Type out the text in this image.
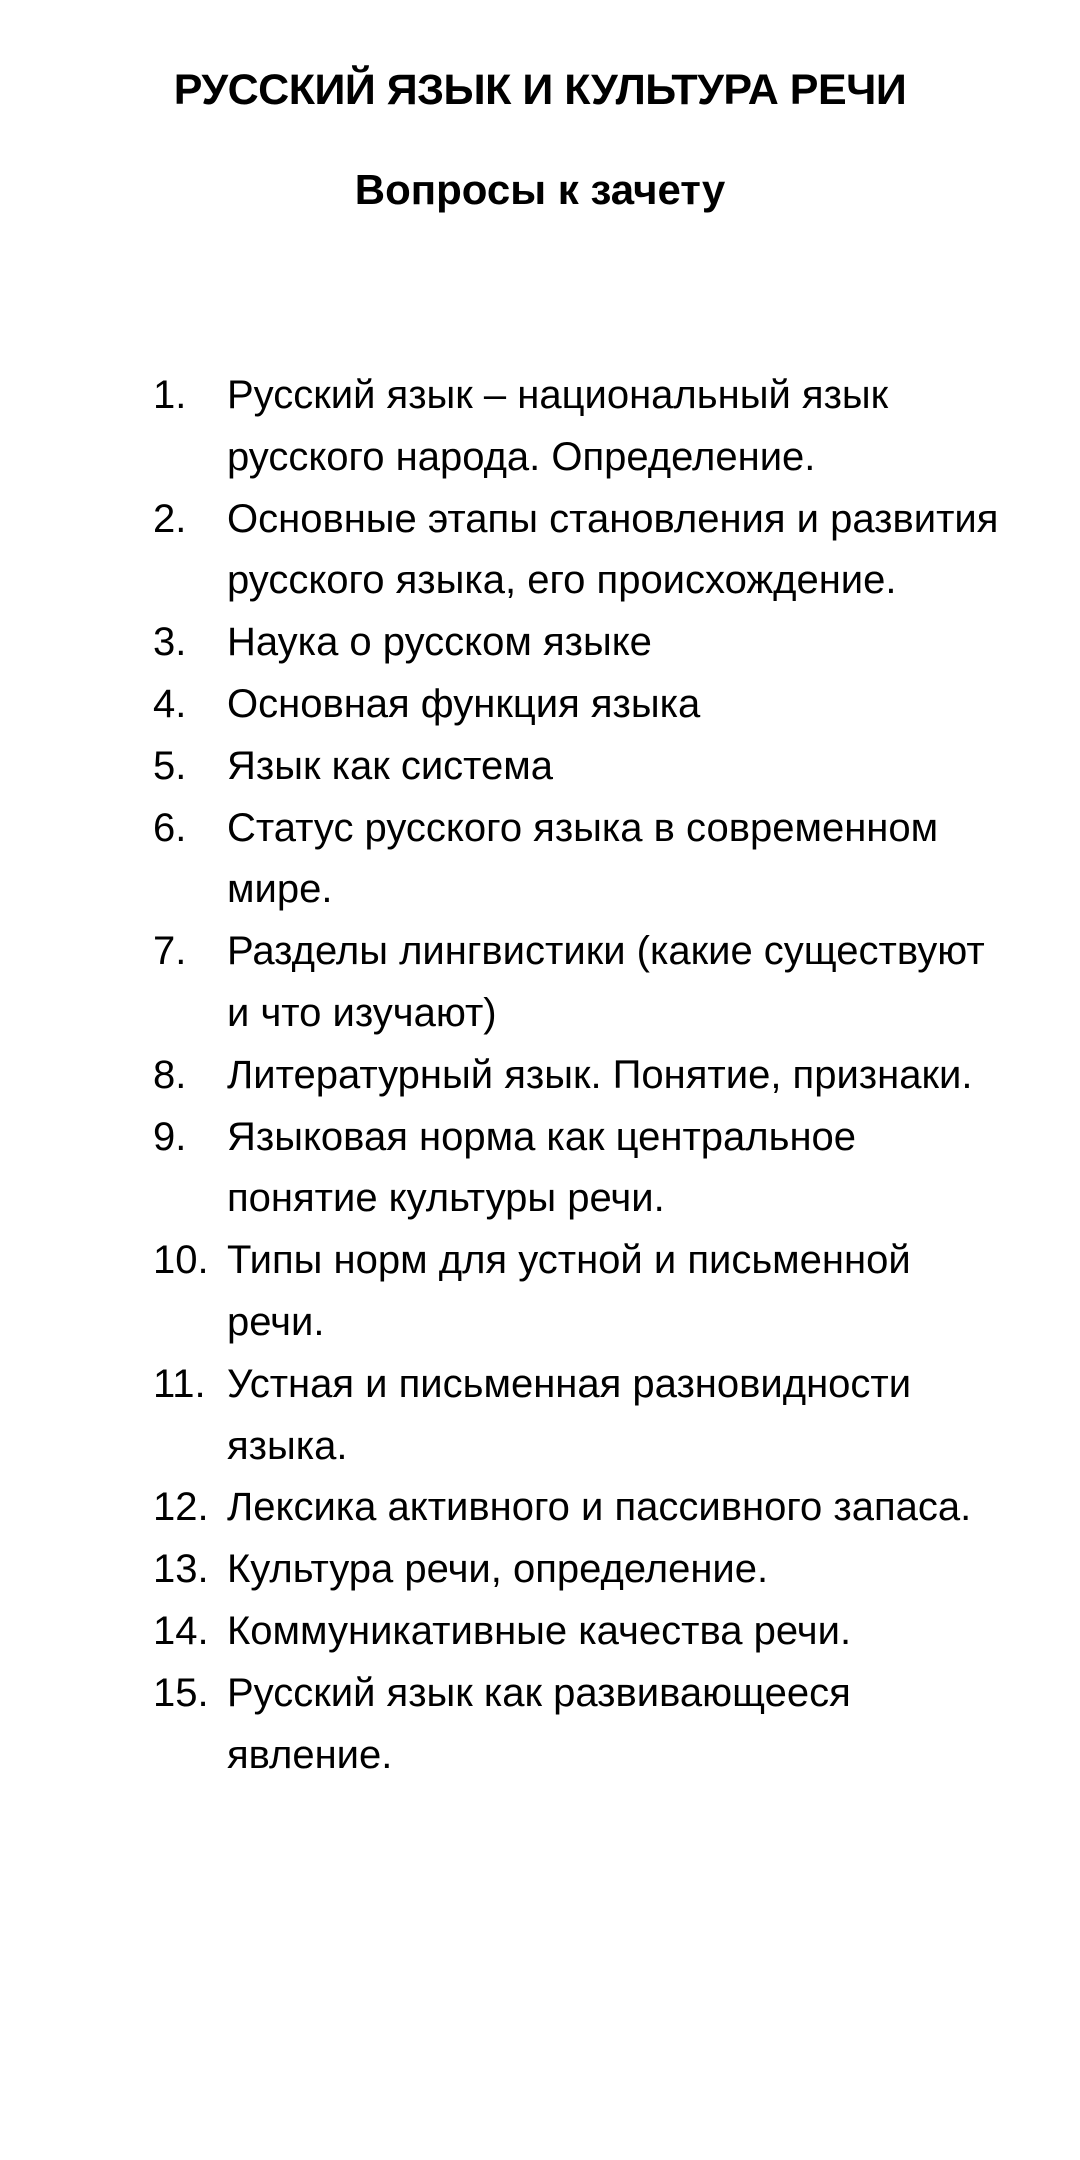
РУССКИЙ ЯЗЫК И КУЛЬТУРА РЕЧИ
Вопросы к зачету
1. Русский язык – национальный язык русского народа. Определение.
2. Основные этапы становления и развития русского языка, его происхождение.
3. Наука о русском языке
4. Основная функция языка
5. Язык как система
6. Статус русского языка в современном мире.
7. Разделы лингвистики (какие существуют и что изучают)
8. Литературный язык. Понятие, признаки.
9. Языковая норма как центральное понятие культуры речи.
10. Типы норм для устной и письменной речи.
11. Устная и письменная разновидности языка.
12. Лексика активного и пассивного запаса.
13. Культура речи, определение.
14. Коммуникативные качества речи.
15. Русский язык как развивающееся явление.
